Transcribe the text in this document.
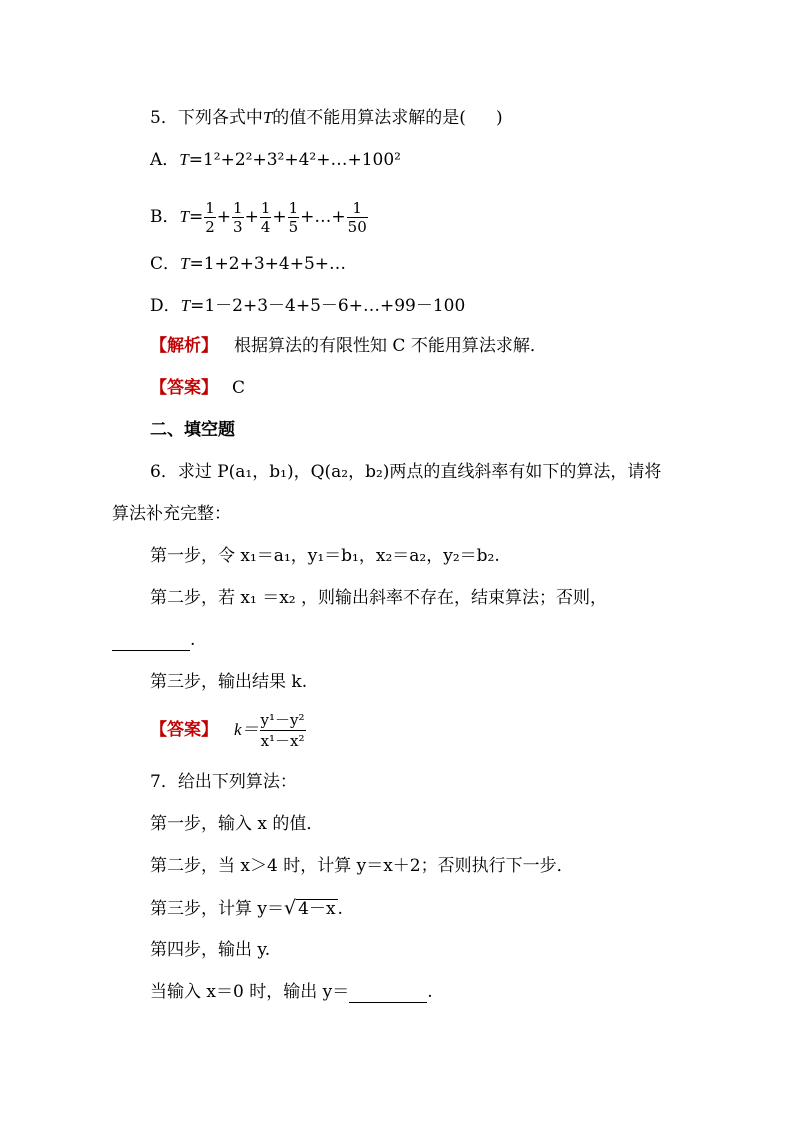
5．下列各式中T的值不能用算法求解的是( )
A．T=1²+2²+3²+4²+…+100²
B．$T= \frac{1}{2} + \frac{1}{3} + \frac{1}{4} + \frac{1}{5}$ +…+ $\frac{1}{50}$
C．T=1+2+3+4+5+…
D．T=1－2+3－4+5－6+…+99－100
【解析】 根据算法的有限性知 C 不能用算法求解．
【答案】 C
二、填空题
6．求过 P(a₁，b₁)，Q(a₂，b₂)两点的直线斜率有如下的算法，请将
算法补充完整：
第一步，令 x₁＝a₁，y₁＝b₁，x₂＝a₂，y₂＝b₂.
第二步，若 x₁ ＝x₂ ，则输出斜率不存在，结束算法；否则，
.
第三步，输出结果 k.
【答案】 $k= \frac{\text{y¹－y²}}{\text{x¹－x²}}$
7．给出下列算法：
第一步，输入 x 的值．
第二步，当 x＞4 时，计算 y＝x＋2；否则执行下一步．
第三步，计算 y＝√ 4－x .
第四步，输出 y.
当输入 x＝0 时，输出 y＝	.
